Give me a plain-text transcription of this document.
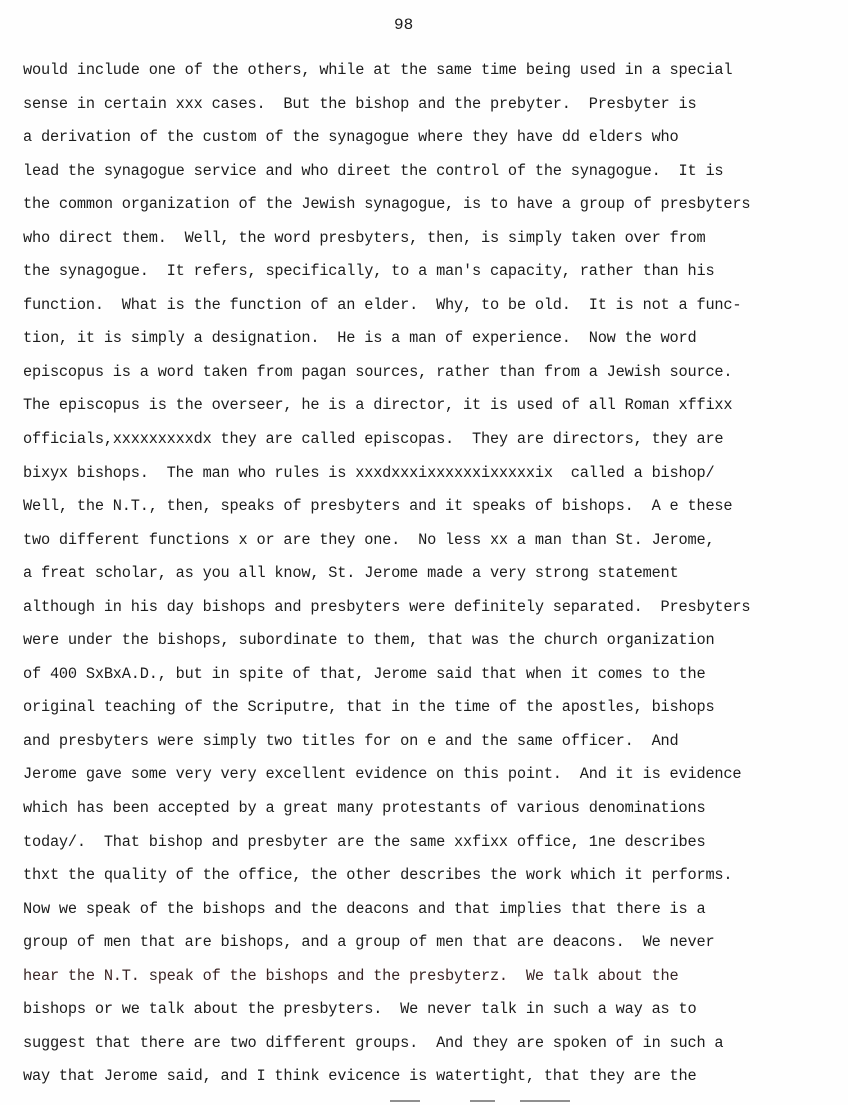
98
would include one of the others, while at the same time being used in a special
sense in certain xxx cases.  But the bishop and the prebyter.  Presbyter is
a derivation of the custom of the synagogue where they have dd elders who
lead the synagogue service and who direet the control of the synagogue.  It is
the common organization of the Jewish synagogue, is to have a group of presbyters
who direct them.  Well, the word presbyters, then, is simply taken over from
the synagogue.  It refers, specifically, to a man's capacity, rather than his
function.  What is the function of an elder.  Why, to be old.  It is not a func-
tion, it is simply a designation.  He is a man of experience.  Now the word
episcopus is a word taken from pagan sources, rather than from a Jewish source.
The episcopus is the overseer, he is a director, it is used of all Roman xffixx
officials,xxxxxxxxxdx they are called episcopas.  They are directors, they are
bixyx bishops.  The man who rules is xxxdxxxixxxxxxixxxxxix  called a bishop/
Well, the N.T., then, speaks of presbyters and it speaks of bishops.  A e these
two different functions x or are they one.  No less xx a man than St. Jerome,
a freat scholar, as you all know, St. Jerome made a very strong statement
although in his day bishops and presbyters were definitely separated.  Presbyters
were under the bishops, subordinate to them, that was the church organization
of 400 SxBxA.D., but in spite of that, Jerome said that when it comes to the
original teaching of the Scriputre, that in the time of the apostles, bishops
and presbyters were simply two titles for on e and the same officer.  And
Jerome gave some very very excellent evidence on this point.  And it is evidence
which has been accepted by a great many protestants of various denominations
today/.  That bishop and presbyter are the same xxfixx office, 1ne describes
thxt the quality of the office, the other describes the work which it performs.
Now we speak of the bishops and the deacons and that implies that there is a
group of men that are bishops, and a group of men that are deacons.  We never
hear the N.T. speak of the bishops and the presbyterz.  We talk about the
bishops or we talk about the presbyters.  We never talk in such a way as to
suggest that there are two different groups.  And they are spoken of in such a
way that Jerome said, and I think evicence is watertight, that they are the
